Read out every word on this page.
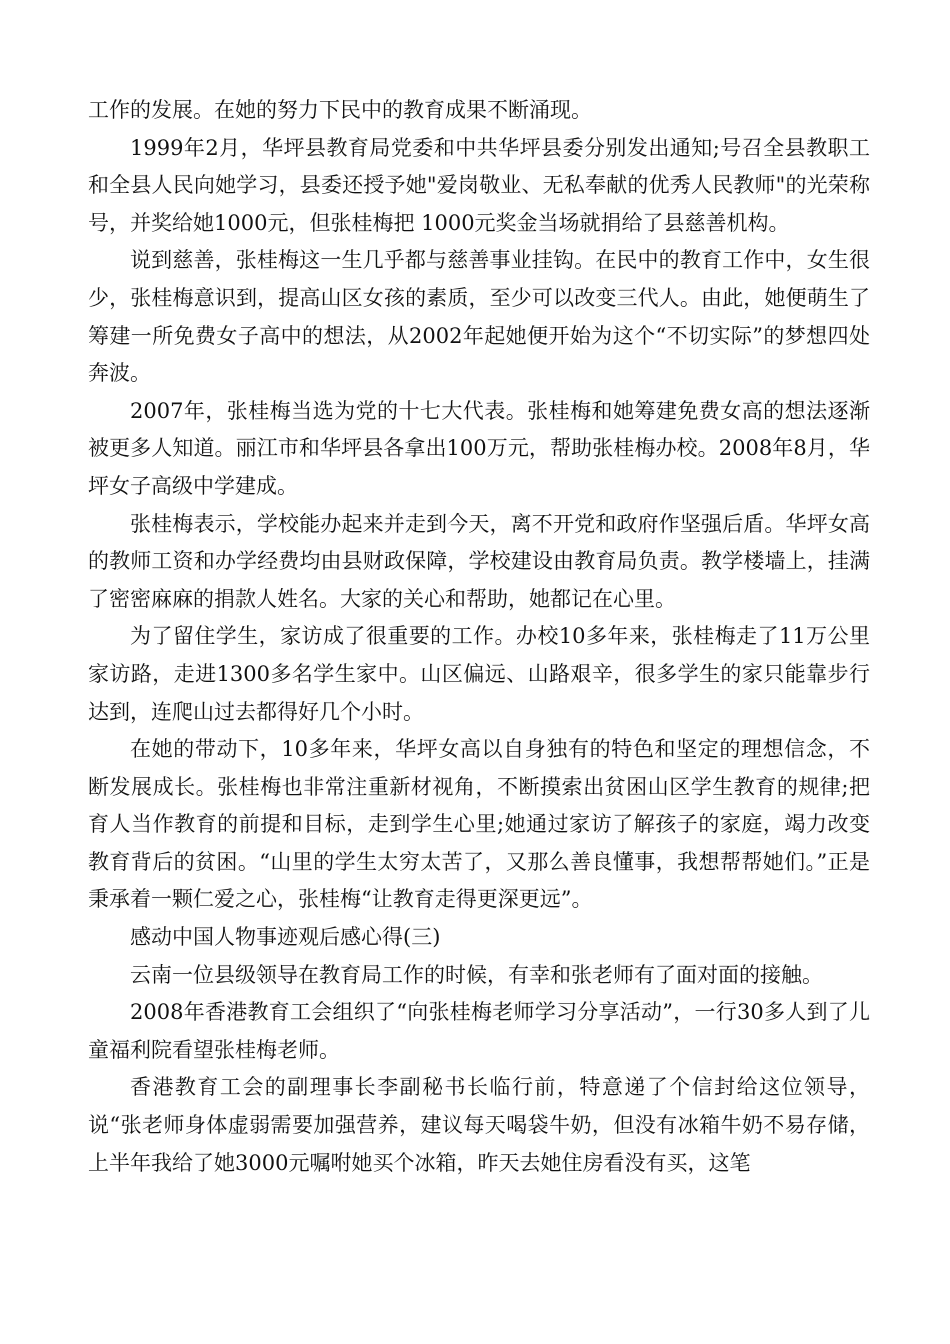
工作的发展。在她的努力下民中的教育成果不断涌现。

1999年2月，华坪县教育局党委和中共华坪县委分别发出通知;号召全县教职工和全县人民向她学习，县委还授予她"爱岗敬业、无私奉献的优秀人民教师"的光荣称号，并奖给她1000元，但张桂梅把 1000元奖金当场就捐给了县慈善机构。

说到慈善，张桂梅这一生几乎都与慈善事业挂钩。在民中的教育工作中，女生很少，张桂梅意识到，提高山区女孩的素质，至少可以改变三代人。由此，她便萌生了筹建一所免费女子高中的想法，从2002年起她便开始为这个“不切实际”的梦想四处奔波。

2007年，张桂梅当选为党的十七大代表。张桂梅和她筹建免费女高的想法逐渐被更多人知道。丽江市和华坪县各拿出100万元，帮助张桂梅办校。2008年8月，华坪女子高级中学建成。

张桂梅表示，学校能办起来并走到今天，离不开党和政府作坚强后盾。华坪女高的教师工资和办学经费均由县财政保障，学校建设由教育局负责。教学楼墙上，挂满了密密麻麻的捐款人姓名。大家的关心和帮助，她都记在心里。

为了留住学生，家访成了很重要的工作。办校10多年来，张桂梅走了11万公里家访路，走进1300多名学生家中。山区偏远、山路艰辛，很多学生的家只能靠步行达到，连爬山过去都得好几个小时。

在她的带动下，10多年来，华坪女高以自身独有的特色和坚定的理想信念，不断发展成长。张桂梅也非常注重新材视角，不断摸索出贫困山区学生教育的规律;把育人当作教育的前提和目标，走到学生心里;她通过家访了解孩子的家庭，竭力改变教育背后的贫困。“山里的学生太穷太苦了，又那么善良懂事，我想帮帮她们。”正是秉承着一颗仁爱之心，张桂梅“让教育走得更深更远”。

感动中国人物事迹观后感心得(三)

云南一位县级领导在教育局工作的时候，有幸和张老师有了面对面的接触。

2008年香港教育工会组织了“向张桂梅老师学习分享活动”，一行30多人到了儿童福利院看望张桂梅老师。

香港教育工会的副理事长李副秘书长临行前，特意递了个信封给这位领导，说“张老师身体虚弱需要加强营养，建议每天喝袋牛奶，但没有冰箱牛奶不易存储，上半年我给了她3000元嘱咐她买个冰箱，昨天去她住房看没有买，这笔
